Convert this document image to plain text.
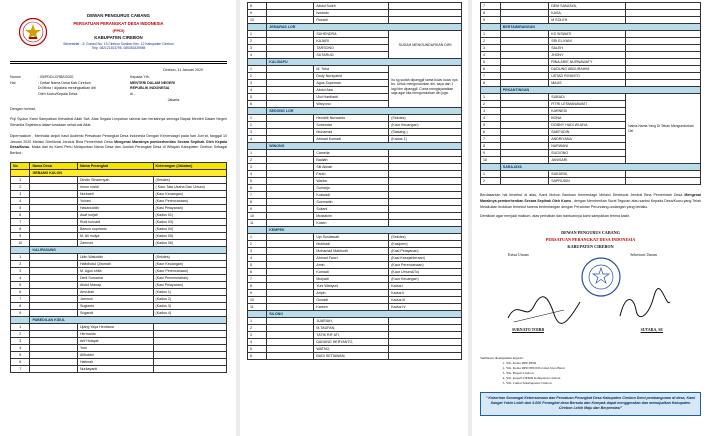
DEWAN PENGURUS CABANG
PERSATUAN PERANGKAT DESA INDONESIA
(PPDI)
KABUPATEN CIREBON
Sekretariat : Jl. Gondol No. 13 Cirebon Sumber Kec. 12 Kabupaten Cirebon
Telp. 082121303795, 085351525965
Cirebon, 11 Januari 2020
Nomor	: 05/PDDI-CRB/I/2020	Kepada Yth.
Hal	: Daftar Nama Desa Kab.Cirebon	MENTERI DALAM NEGERI
Di Minta / dipakea meningkatkan diri	REPUBLIK INDONESIA
Oleh Kuwu/Kepala Desa.	di -
Jakarta
Dengan hormat,
Puji Syukur Kami Sampaikan Kehadirat Allah Swt. Atas Segala Limpahan rahmat dan berkahnya semoga Bapak Menteri Dalam Negeri Senantia Sejahtera dalam keadaan sehat wal Afiat.
Dipermaklum , Merindak lanjuti hasil Audiensi Persatuan Perangkat Desa Indonesia Dengan Kemendagri pada hari Jum'at, tanggal 10 Januari 2020 Melalui Direktorat Jendral Bina Pemerintah Desa Mengenai Maraknya pemberhentian Secara Sepihak Oleh Kepala Desa/Kuwu, Maka dari itu Kami Perlu Melaporkan Nama Desa dan Jumlah Perangkat Desa di Wilayah Kabupaten Cirebon Sebagai Berikut :
No	Nama Desa	Nama Perangkat	Keterangan (Jabatan)
	GEBANG KULON		
1		Dindin Sinaernyah	(Sekdes)
2		Imron rosidi	( Kaur Tata Usaha Dan Umum)
3		Nurbaeti	(Kaur Keuangan)
4		Yuhani	(Kaur Perencanaan)
5		Hasanuddin	(Kasi Pelayanan)
6		Asat surjati	(Kadus 01)
7		Rudi kurnadi	(Kadus 03)
8		Bawon suprianto	(Kadus 04)
9		M. Ali mulya	(Kadus 05)
10		Zamroni	(Kadus 06)
	KALIPASUNG		
1		Udin Waluddin	(Sekdes)
2		Hafidhotul Qiromah	(Kaur Keuangan)
3		M. Agus shifa	(Kaur Perencanaan)
4		Dedi Sumarna	(Kasi Pemerintahan)
5		Abdul Manap	(Kasi Pelayanan)
6		Amrullah	(Kadus 1)
7		Jamroni	(Kadus 2)
8		Sugianto	(Kadus 3)
9		Sugandi	(Kadus 4)
	PABEDILAN KIDUL		
1		Ujang Yaya Herdiana	
2		Hermanto	
3		Arif Hidayat	
4		Yoto	
5		Alifuddin	
6		Halimah	
7		Nurkayanti	
8		Abdul Soleh	
9		Iswanto	
10		Rosadi	
	JEMARAS LOR		
1		SUHENDRA	SUDAH MENGUNDURKAN DIRI
2		KAJARI	
3		TARSONO	
4		SUTARUD.	
	KALISAPU		
1		M. Toha	Itu sg sudah dipanggil sama kuwu kuwu nya bu. Untuk mengundurkan diri, saya dan 1 lagi blm dipanggil. Cuma mengisyaratkan saja agar kita mengundurkan diri juga.
2		Dody Nursyahid	
3		Agus Supeman	
4		Abdul Azis	
5		Ulul Hardianti	
6		Waryono	
	SEDONG LOR		
1		Hendrik Nurwanto	(Sekdes)
2		Suhendar	(Kaur Keuangan)
3		Muhamad	(Slakang )
4		Ahmad Kurnadi	(Kadus 1)
	WINONG		
1		Camelia	
2		Badiah	
3		Siti Akbari	
4		Fanto	
5		Warba	
6		Sumarjo	
7		Kuswadi	
8		Soemadin	
9		Sukani	
10		Mustakim	
11		Kusen	
	KEMPEK		
1		Upi Susilawati	(Sekdes)
2		Mukhadi	(Kasipem)
3		Mohamad Makhudh	(Kasi Pelayanan)
4		Ahmad Fauzi	(Kasi Kesejahteraan)
5		Amin	(Kaur Perencanaan)
6		Kurnadi	(Kaur Umum&Tu)
7		Mulyadi	(Kaur Keuangan)
8		Yuni Wahyuni	Kadus I
9		Aripin	Kadus II
10		Gunadi	Kadus III
11		Karsen	Kadus IV
	SILONG		
1		JUARIAH,	
2		M.TAUFAN,	
3		TATIK RIF ATI,	
4		DADANG HERYANTO,	
5		WATNO,	
6		BUDI SETIAWAN,	
7		DEM SANJAYA,	
8		KASA,	
9		M SOLEH	
	BERTAWIRANGUN		
1		KS SISWATI	
2		SRI ELIYANI	
3		SALEH	
4		JHONY	
5		RINA ARIE NURNAWATY	
6		DUDUNG ABDURAHIM	
7		USTAD RIYANTO	
8		MAUS	
	PEKANTINGAN		
1		SUBADI	Nama-Nama Yang Di Tekan Mengundurkan Diri
2		FITRI LESMANAWATI	
3		KARNEDI	
4		BONA	
5		DONNY HADI WIJAYA	
6		SAEFUDIN	
7		ANDRIYANA	
8		NARWANI	
9		SUGIONO	
10		JANISARI	
	SARAJAYA		
1		SUKARDI,	
2		SAPRUDIN	
Berdasarkan hal tersebut di atas, Kami Mohon Bantuan Kemendagri Melalui Direktorat Jendral Bina Pemerintah Desa Mengenai Maraknya pemberhentian Secara Sepihak Oleh Kuwu , dengan Memberikan Surat Teguran atau sanksi Kepada Desa/Kuwu yang Telah Melakukan tindakan tersebut karena bertentangan dengan Peraturan Perundang-undangan yang berlaku.
Demikian agar menjadi maklum, atas perhatian dan bantuannya kami sampaikan terima kasih.
DEWAN PENGURUS CABANG
PERSATUAN PERANGKAT DESA INDONESIA
KABUPATEN CIREBON
Ketua Umum	Sekretaris Umum
SURNATO TOIRB	SUTARA, SE
Tembusan disampaikan kepada :
1. Yth. Ketua DPP PPDI
2. Yth. Ketua DPD PPDI Provinsi Jawa Barat
3. Yth. Bupati Cirebon
4. Yth. Kepala DPMD Kabupaten Cirebon
5. Yth. Camat Sekabupaten Cirebon
" Koberhan Semangat Kebersamaan dan Persatuan Perangkat Desa Kabupaten Cirebon Demi pembangunan di desa, Kami Sangat Yakin Lebih dari 4.000 Perangkat desa Bersatu dan Kompak dapat menggerakan dan mewujudkan Kabupaten Cirebon Lebih Maju dan Berprestasi"
